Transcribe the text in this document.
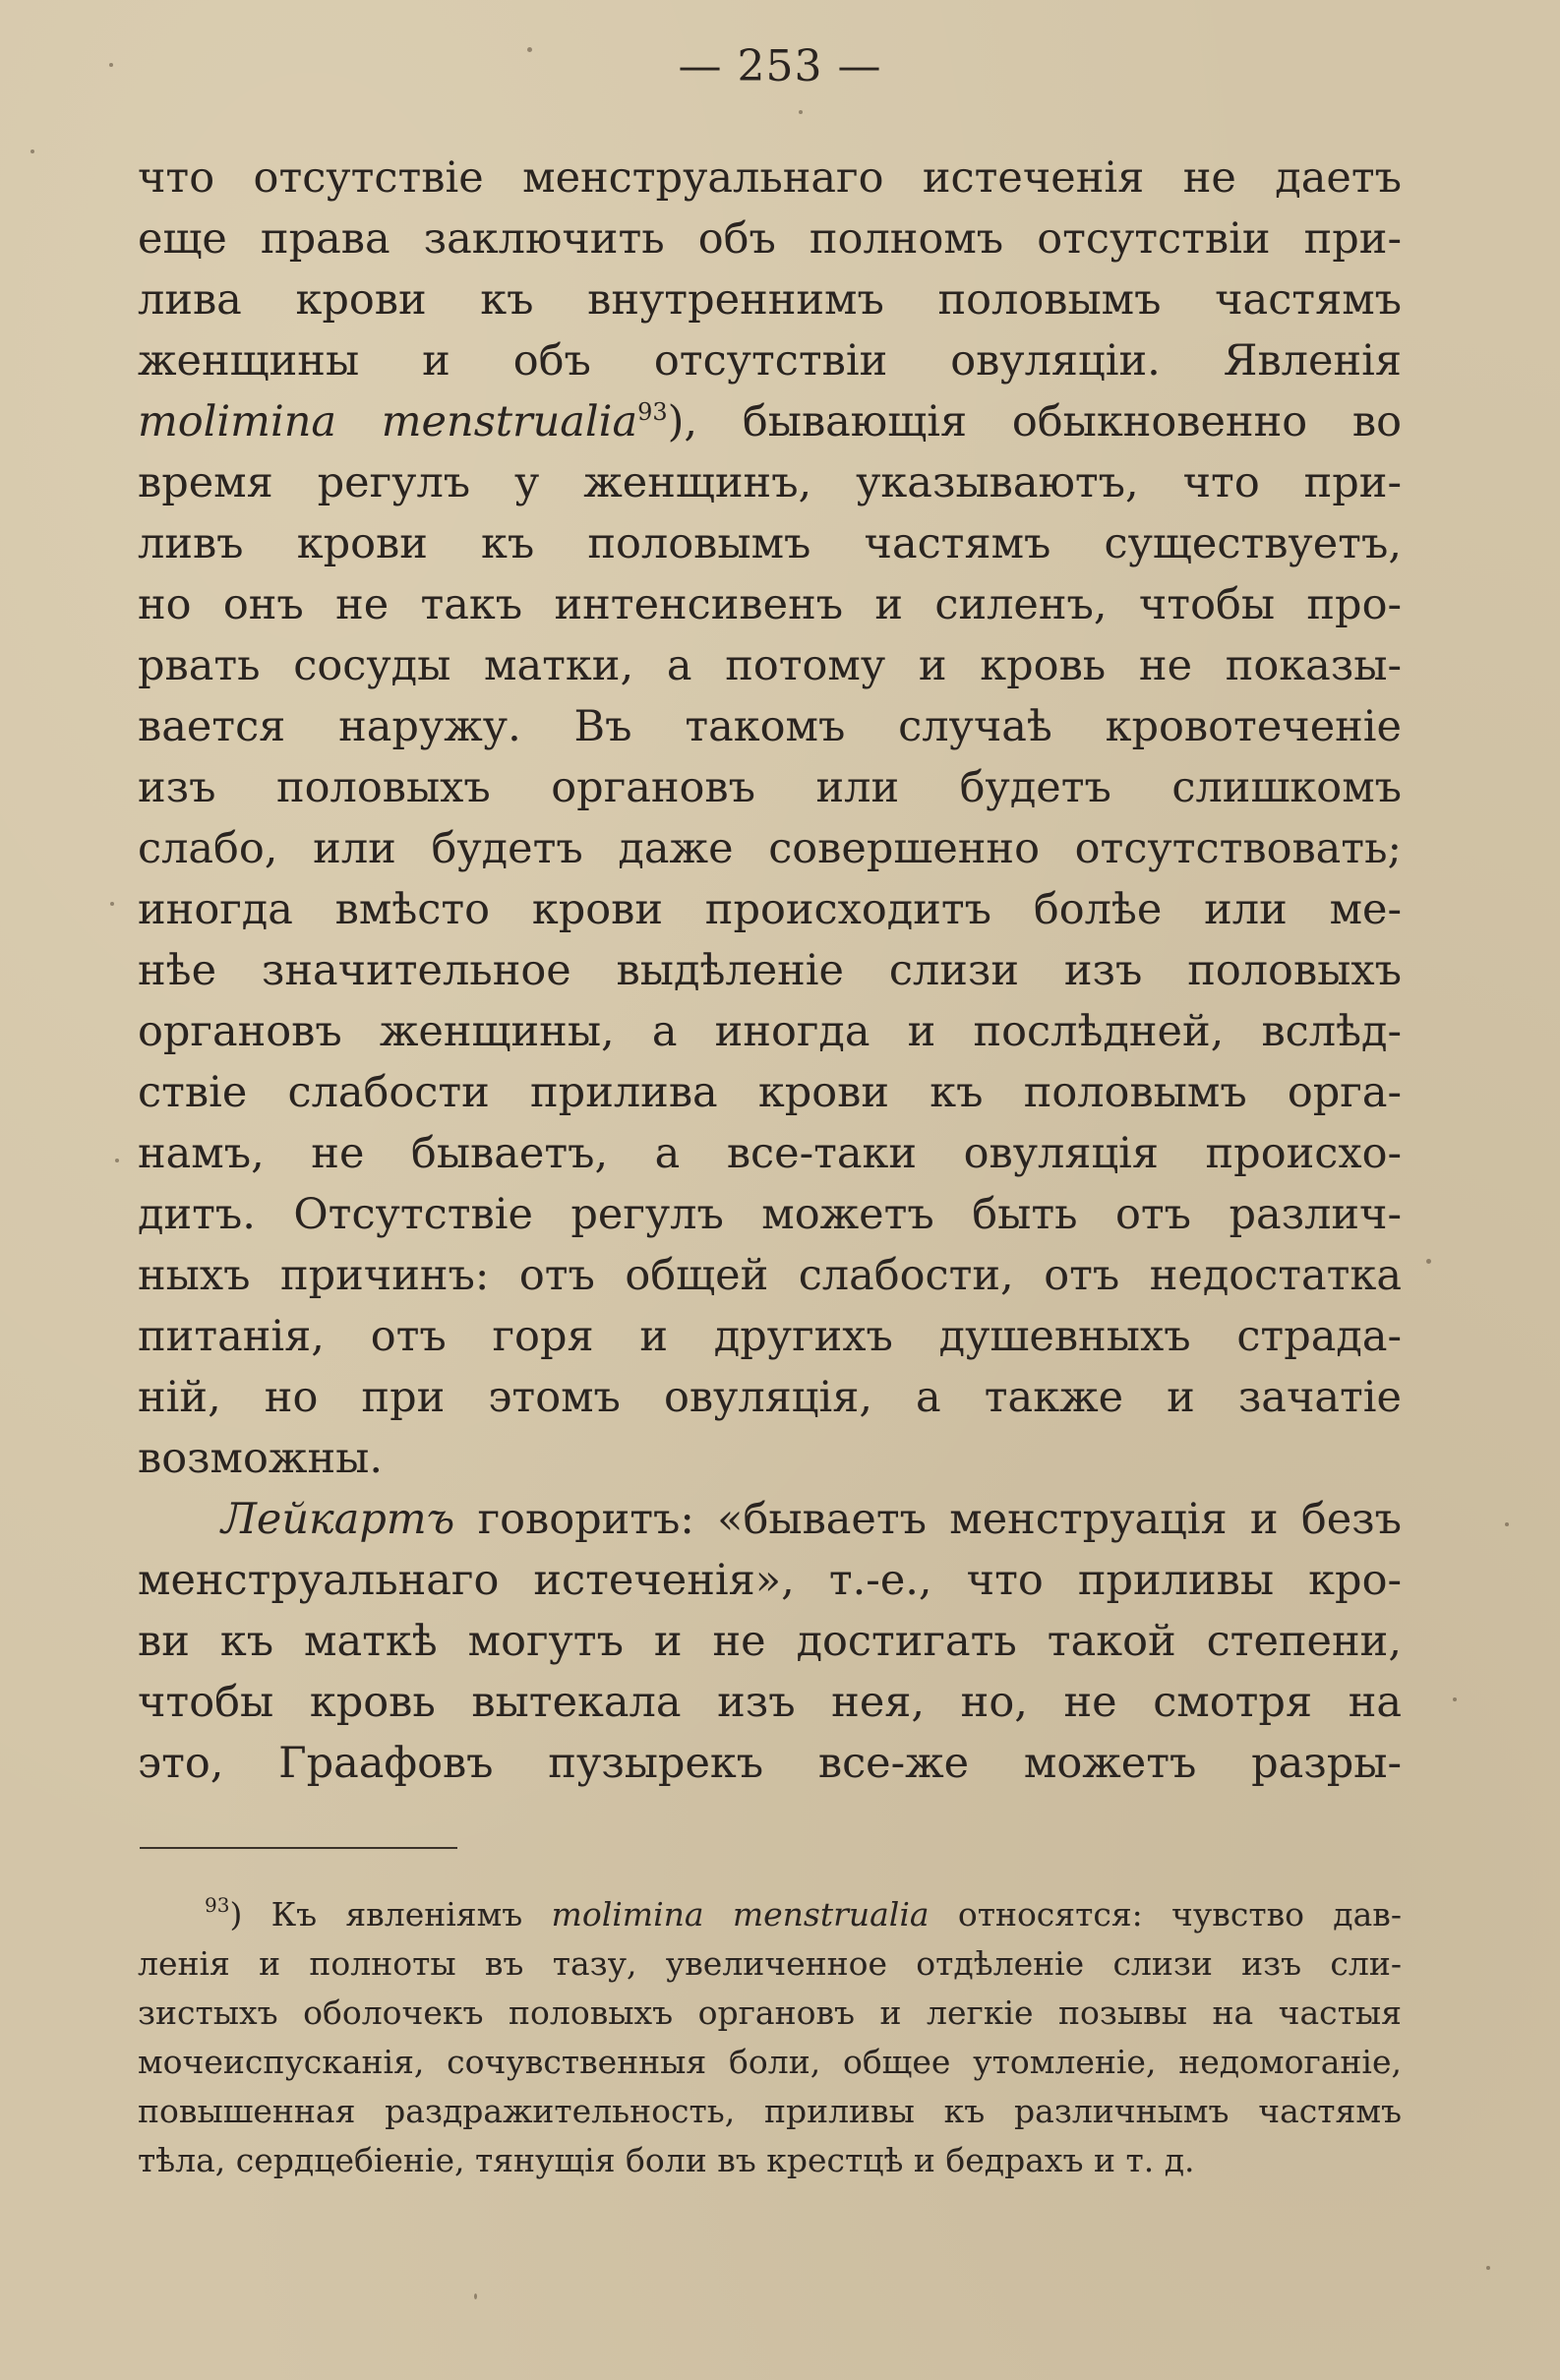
— 253 —
что отсутствіе менструальнаго истеченія не даетъ
еще права заключить объ полномъ отсутствіи при-
лива крови къ внутреннимъ половымъ частямъ
женщины и объ отсутствіи овуляціи. Явленія
molimina menstrualia$^{93}$), бывающія обыкновенно во
время регулъ у женщинъ, указываютъ, что при-
ливъ крови къ половымъ частямъ существуетъ,
но онъ не такъ интенсивенъ и силенъ, чтобы про-
рвать сосуды матки, а потому и кровь не показы-
вается наружу. Въ такомъ случаѣ кровотеченіе
изъ половыхъ органовъ или будетъ слишкомъ
слабо, или будетъ даже совершенно отсутствовать;
иногда вмѣсто крови происходитъ болѣе или ме-
нѣе значительное выдѣленіе слизи изъ половыхъ
органовъ женщины, а иногда и послѣдней, вслѣд-
ствіе слабости прилива крови къ половымъ орга-
намъ, не бываетъ, а все-таки овуляція происхо-
дитъ. Отсутствіе регулъ можетъ быть отъ различ-
ныхъ причинъ: отъ общей слабости, отъ недостатка
питанія, отъ горя и другихъ душевныхъ страда-
ній, но при этомъ овуляція, а также и зачатіе
возможны.
Лейкартъ говоритъ: «бываетъ менструація и безъ
менструальнаго истеченія», т.-е., что приливы кро-
ви къ маткѣ могутъ и не достигать такой степени,
чтобы кровь вытекала изъ нея, но, не смотря на
это, Граафовъ пузырекъ все-же можетъ разры-
$^{93}$) Къ явленіямъ molimina menstrualia относятся: чувство дав-
ленія и полноты въ тазу, увеличенное отдѣленіе слизи изъ сли-
зистыхъ оболочекъ половыхъ органовъ и легкіе позывы на частыя
мочеиспусканія, сочувственныя боли, общее утомленіе, недомоганіе,
повышенная раздражительность, приливы къ различнымъ частямъ
тѣла, сердцебіеніе, тянущія боли въ крестцѣ и бедрахъ и т. д.
